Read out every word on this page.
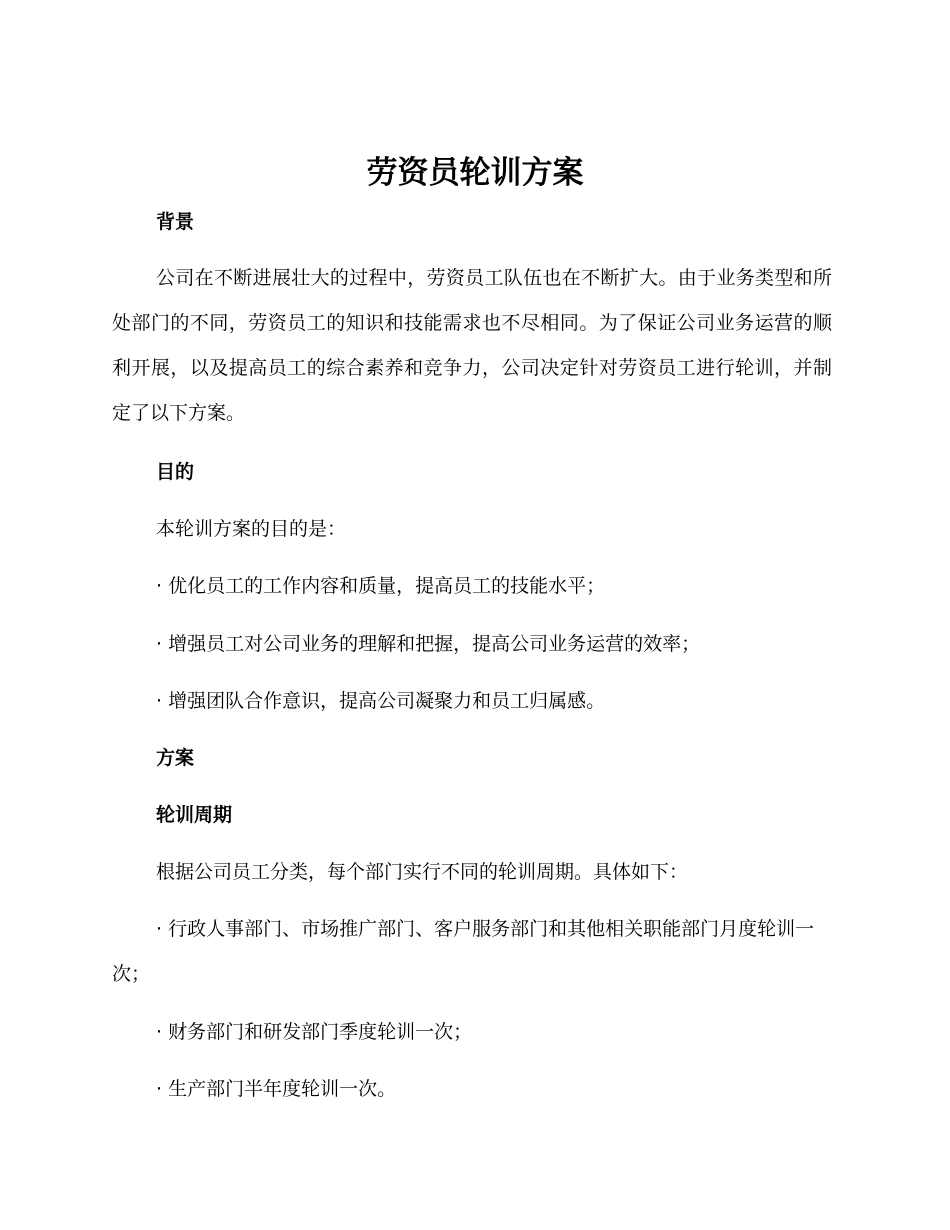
劳资员轮训方案
背景

公司在不断进展壮大的过程中，劳资员工队伍也在不断扩大。由于业务类型和所处部门的不同，劳资员工的知识和技能需求也不尽相同。为了保证公司业务运营的顺利开展，以及提高员工的综合素养和竞争力，公司决定针对劳资员工进行轮训，并制定了以下方案。

目的

本轮训方案的目的是：

· 优化员工的工作内容和质量，提高员工的技能水平；

· 增强员工对公司业务的理解和把握，提高公司业务运营的效率；

· 增强团队合作意识，提高公司凝聚力和员工归属感。

方案
轮训周期

根据公司员工分类，每个部门实行不同的轮训周期。具体如下：

· 行政人事部门、市场推广部门、客户服务部门和其他相关职能部门月度轮训一次；

· 财务部门和研发部门季度轮训一次；

· 生产部门半年度轮训一次。
